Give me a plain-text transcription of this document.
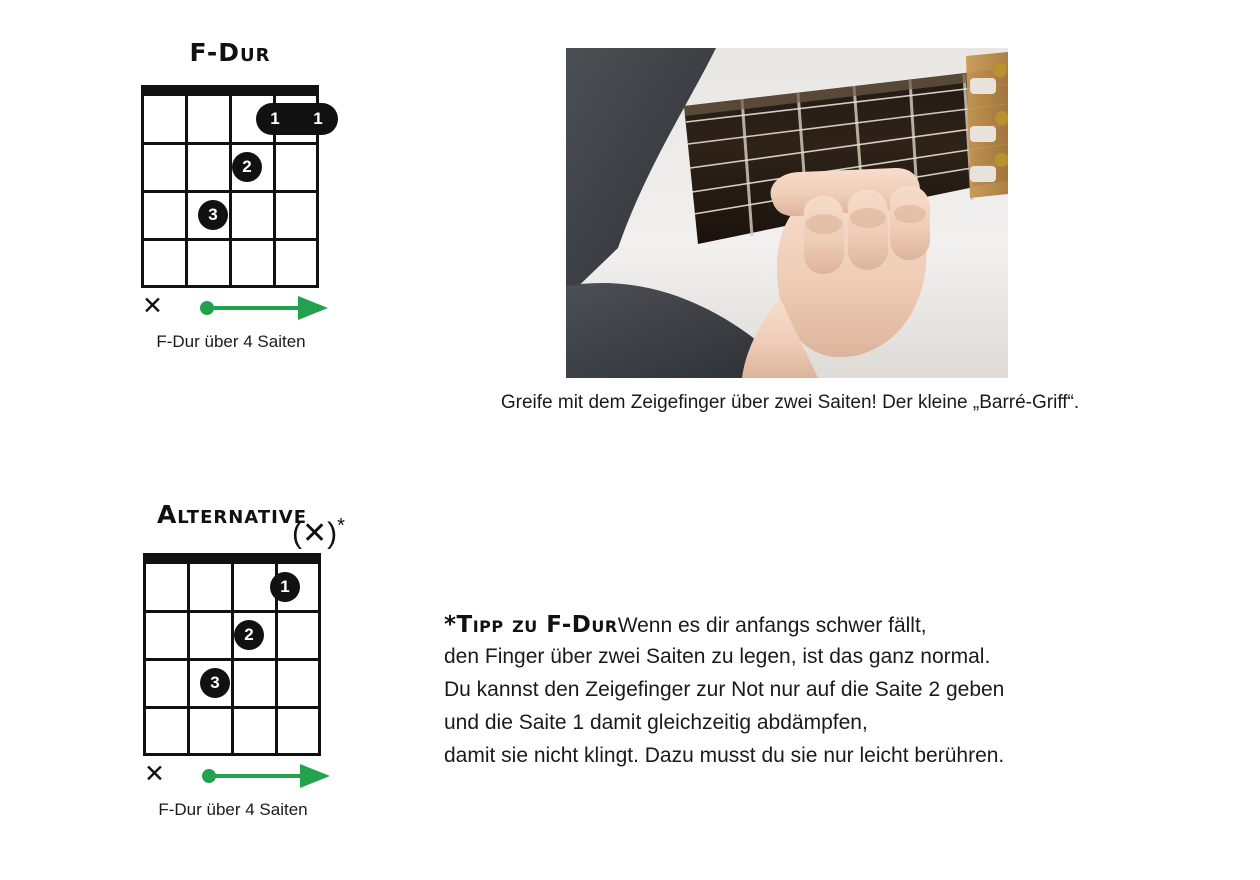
F-Dur
1	1
2
3
✕
F-Dur über 4 Saiten
Greife mit dem Zeigefinger über zwei Saiten! Der kleine „Barré-Griff“.
Alternative
(✕)*
1
2
3
✕
F-Dur über 4 Saiten
*Tipp zu F-DurWenn es dir anfangs schwer fällt,
den Finger über zwei Saiten zu legen, ist das ganz normal.
Du kannst den Zeigefinger zur Not nur auf die Saite 2 geben
und die Saite 1 damit gleichzeitig abdämpfen,
damit sie nicht klingt. Dazu musst du sie nur leicht berühren.
